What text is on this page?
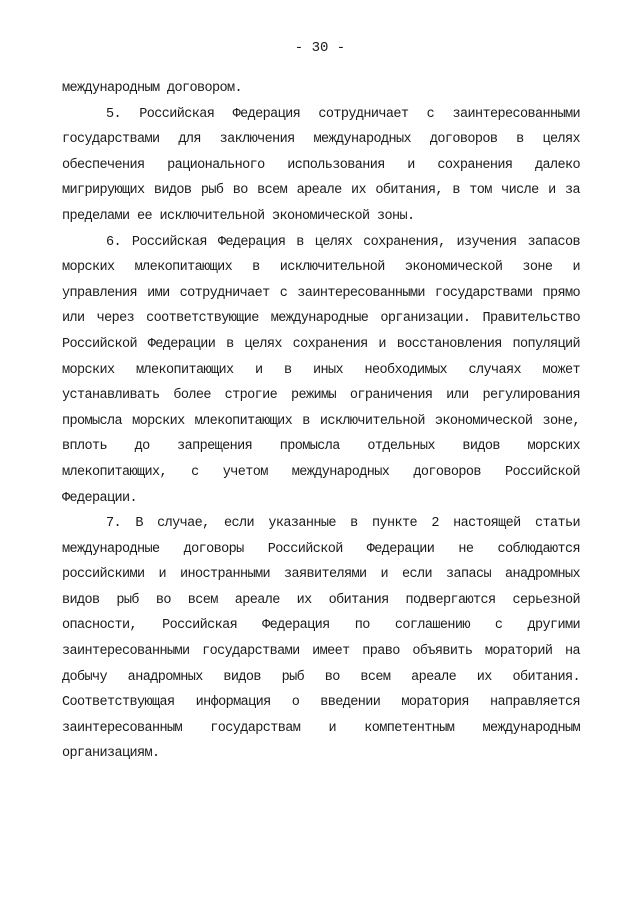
- 30 -
международным договором.
5. Российская Федерация сотрудничает с заинтересованными
государствами для заключения международных договоров в целях
обеспечения рационального использования и сохранения далеко
мигрирующих видов рыб во всем ареале их обитания, в том числе и за
пределами ее исключительной экономической зоны.
6. Российская Федерация в целях сохранения, изучения запасов
морских млекопитающих в исключительной экономической зоне и
управления ими сотрудничает с заинтересованными государствами прямо
или через соответствующие международные организации. Правительство
Российской Федерации в целях сохранения и восстановления популяций
морских млекопитающих и в иных необходимых случаях может
устанавливать более строгие режимы ограничения или регулирования
промысла морских млекопитающих в исключительной экономической зоне,
вплоть до запрещения промысла отдельных видов морских
млекопитающих, с учетом международных договоров Российской
Федерации.
7. В случае, если указанные в пункте 2 настоящей статьи
международные договоры Российской Федерации не соблюдаются
российскими и иностранными заявителями и если запасы анадромных
видов рыб во всем ареале их обитания подвергаются серьезной
опасности, Российская Федерация по соглашению с другими
заинтересованными государствами имеет право объявить мораторий на
добычу анадромных видов рыб во всем ареале их обитания.
Соответствующая информация о введении моратория направляется
заинтересованным государствам и компетентным международным
организациям.
